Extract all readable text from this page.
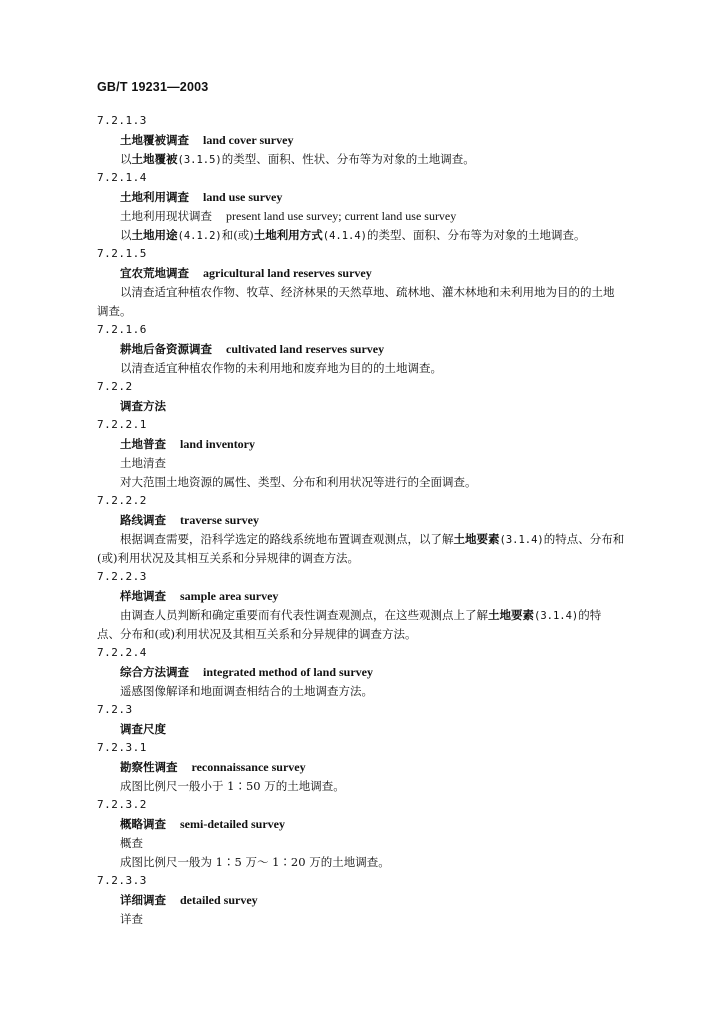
GB/T 19231—2003
7.2.1.3
土地覆被调查 land cover survey
以土地覆被(3.1.5)的类型、面积、性状、分布等为对象的土地调查。
7.2.1.4
土地利用调查 land use survey
土地利用现状调查 present land use survey; current land use survey
以土地用途(4.1.2)和(或)土地利用方式(4.1.4)的类型、面积、分布等为对象的土地调查。
7.2.1.5
宜农荒地调查 agricultural land reserves survey
以清查适宜种植农作物、牧草、经济林果的天然草地、疏林地、灌木林地和未利用地为目的的土地
调查。
7.2.1.6
耕地后备资源调查 cultivated land reserves survey
以清查适宜种植农作物的未利用地和废弃地为目的的土地调查。
7.2.2
调查方法
7.2.2.1
土地普查 land inventory
土地清查
对大范围土地资源的属性、类型、分布和利用状况等进行的全面调查。
7.2.2.2
路线调查 traverse survey
根据调查需要，沿科学选定的路线系统地布置调查观测点，以了解土地要素(3.1.4)的特点、分布和
(或)利用状况及其相互关系和分异规律的调查方法。
7.2.2.3
样地调查 sample area survey
由调查人员判断和确定重要而有代表性调查观测点，在这些观测点上了解土地要素(3.1.4)的特
点、分布和(或)利用状况及其相互关系和分异规律的调查方法。
7.2.2.4
综合方法调查 integrated method of land survey
遥感图像解译和地面调查相结合的土地调查方法。
7.2.3
调查尺度
7.2.3.1
勘察性调查 reconnaissance survey
成图比例尺一般小于 1∶50 万的土地调查。
7.2.3.2
概略调查 semi-detailed survey
概查
成图比例尺一般为 1∶5 万～ 1∶20 万的土地调查。
7.2.3.3
详细调查 detailed survey
详查
